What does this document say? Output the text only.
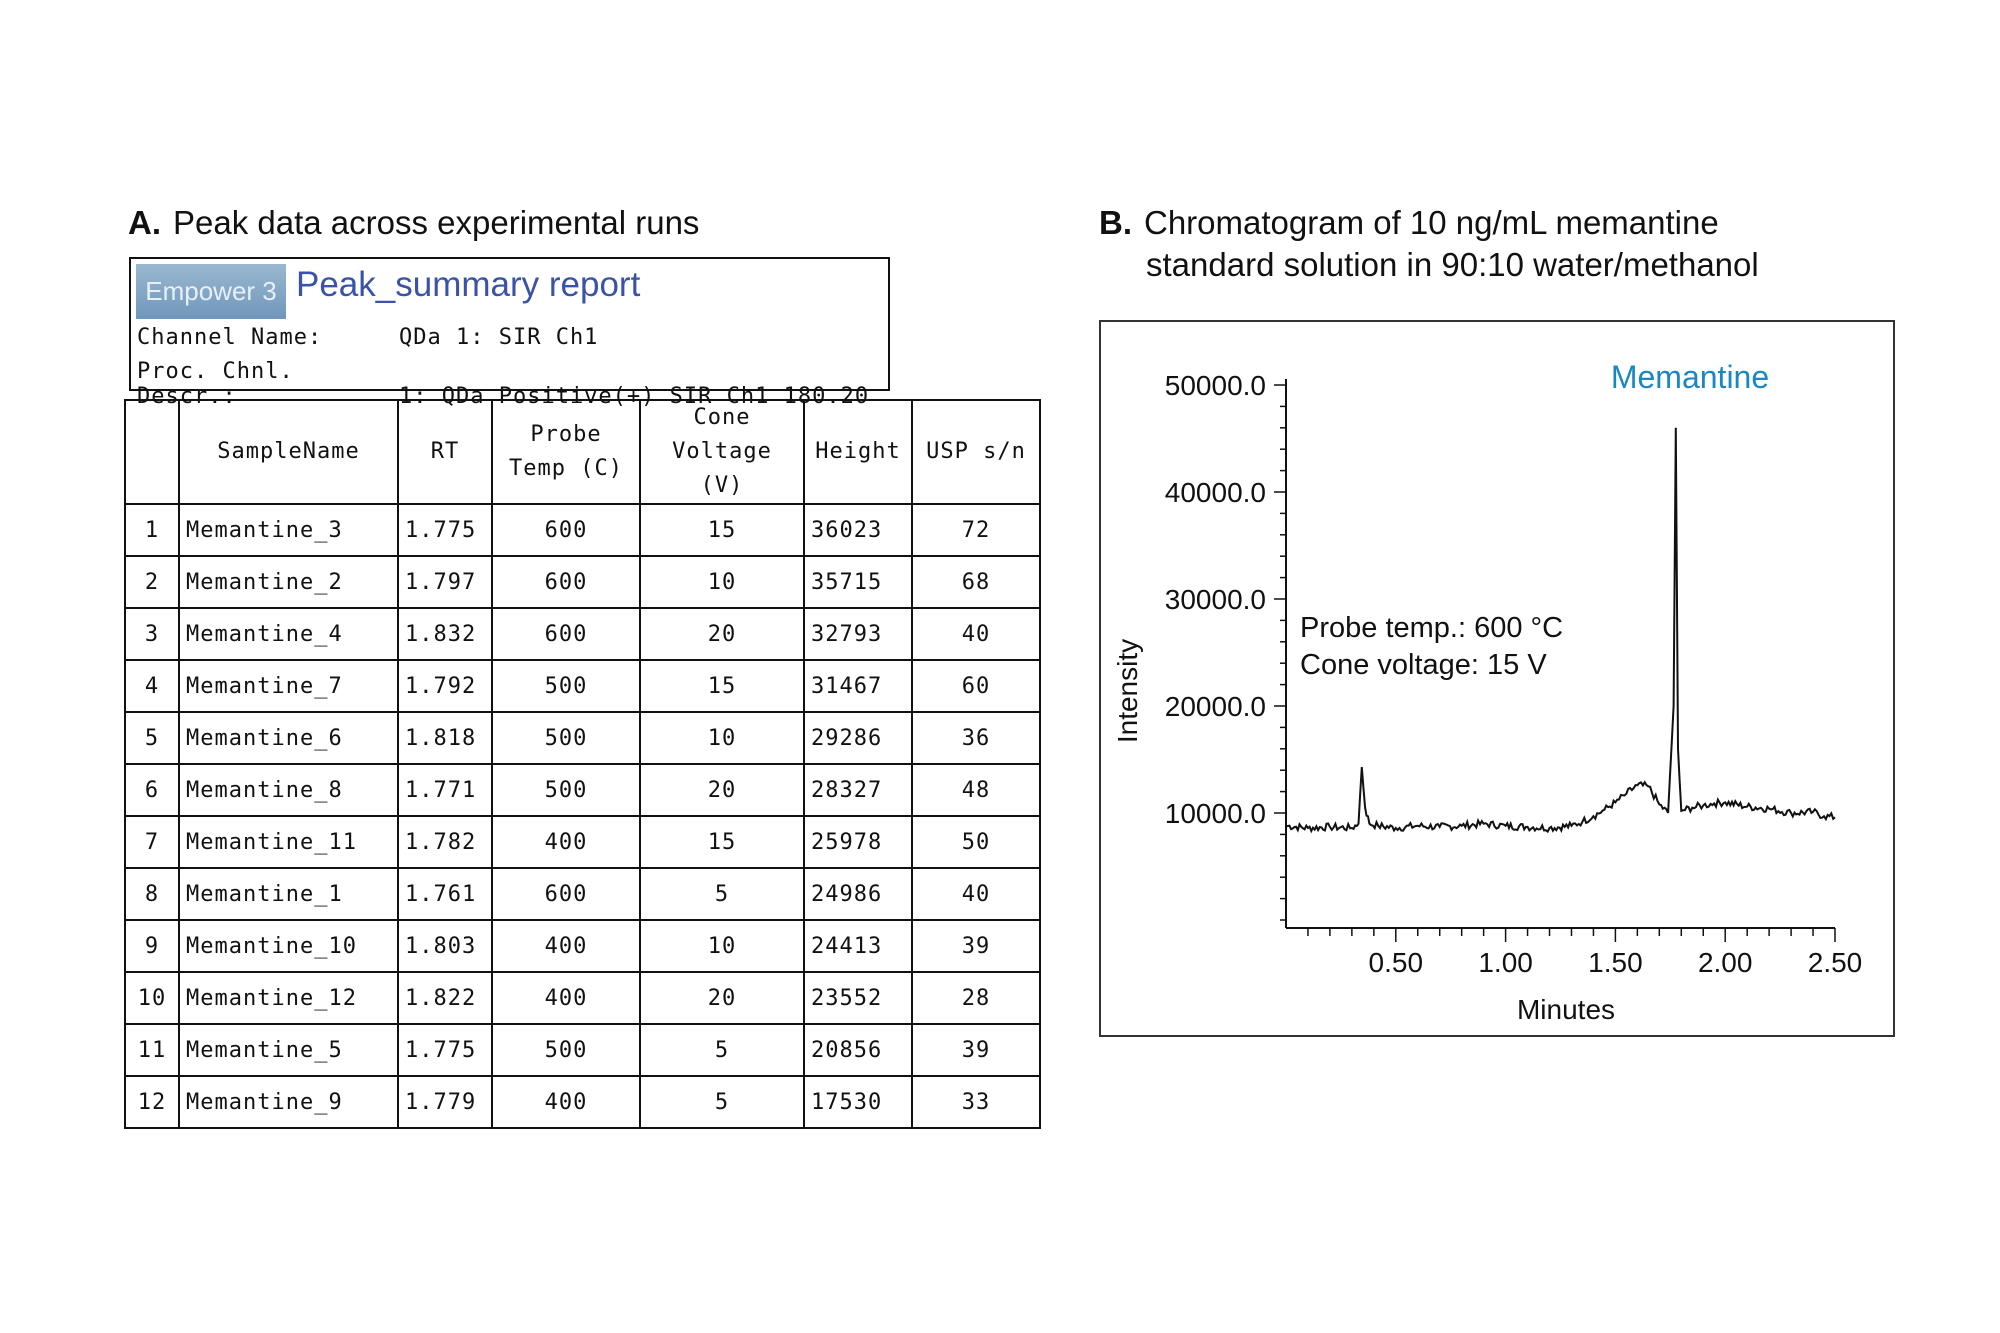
A. Peak data across experimental runs	B. Chromatogram of 10 ng/mL memantine
standard solution in 90:10 water/methanol
Empower 3 Peak_summary report
Channel Name:	QDa 1: SIR Ch1
Proc. Chnl. Descr.:	1: QDa Positive(+) SIR Ch1 180.20
	SampleName	RT	Probe Temp (C)	Cone Voltage (V)	Height	USP s/n
1	Memantine_3	1.775	600	15	36023	72
2	Memantine_2	1.797	600	10	35715	68
3	Memantine_4	1.832	600	20	32793	40
4	Memantine_7	1.792	500	15	31467	60
5	Memantine_6	1.818	500	10	29286	36
6	Memantine_8	1.771	500	20	28327	48
7	Memantine_11	1.782	400	15	25978	50
8	Memantine_1	1.761	600	5	24986	40
9	Memantine_10	1.803	400	10	24413	39
10	Memantine_12	1.822	400	20	23552	28
11	Memantine_5	1.775	500	5	20856	39
12	Memantine_9	1.779	400	5	17530	33
10000.0
20000.0
30000.0
40000.0
50000.0
0.50 1.00 1.50 2.00 2.50
Memantine
Probe temp.: 600 °C
Cone voltage: 15 V
Minutes
Intensity
